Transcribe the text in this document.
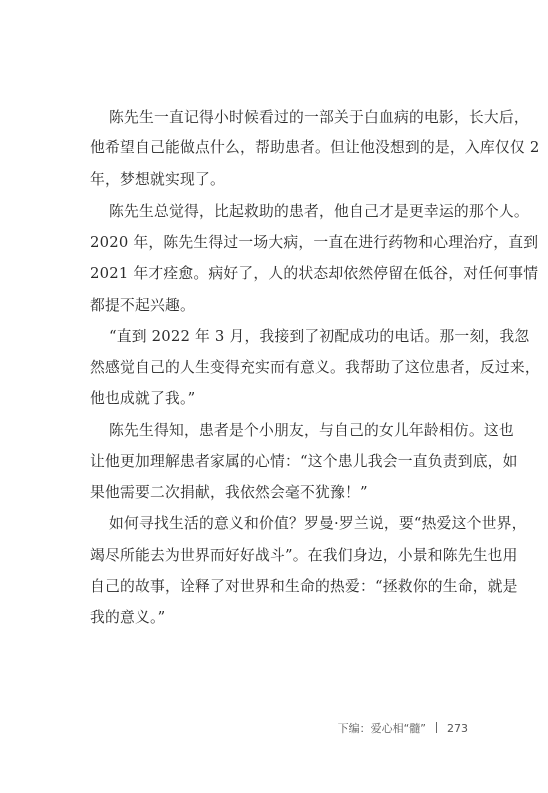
陈先生一直记得小时候看过的一部关于白血病的电影，长大后，

他希望自己能做点什么，帮助患者。但让他没想到的是，入库仅仅 2

年，梦想就实现了。

陈先生总觉得，比起救助的患者，他自己才是更幸运的那个人。

2020 年，陈先生得过一场大病，一直在进行药物和心理治疗，直到

2021 年才痊愈。病好了，人的状态却依然停留在低谷，对任何事情

都提不起兴趣。

“直到 2022 年 3 月，我接到了初配成功的电话。那一刻，我忽

然感觉自己的人生变得充实而有意义。我帮助了这位患者，反过来，

他也成就了我。”

陈先生得知，患者是个小朋友，与自己的女儿年龄相仿。这也

让他更加理解患者家属的心情：“这个患儿我会一直负责到底，如

果他需要二次捐献，我依然会毫不犹豫！”

如何寻找生活的意义和价值？罗曼·罗兰说，要“热爱这个世界，

竭尽所能去为世界而好好战斗”。在我们身边，小景和陈先生也用

自己的故事，诠释了对世界和生命的热爱：“拯救你的生命，就是

我的意义。”

下编：爱心相“髓” 273
